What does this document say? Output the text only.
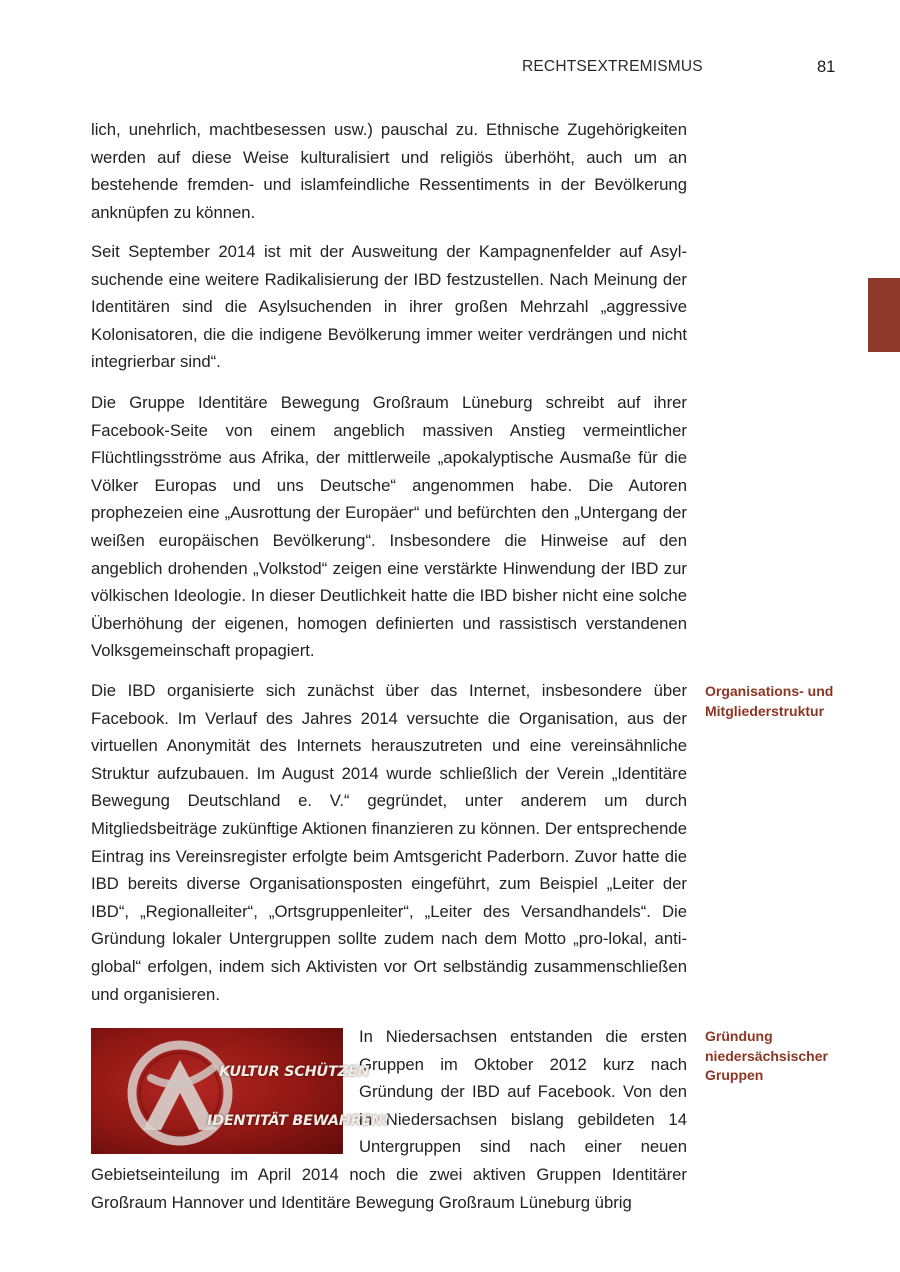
RECHTSEXTREMISMUS	81

lich, unehrlich, machtbesessen usw.) pauschal zu. Ethnische Zugehörigkeiten werden auf diese Weise kulturalisiert und religiös überhöht, auch um an bestehende fremden- und islamfeindliche Ressentiments in der Bevölkerung anknüpfen zu können.

Seit September 2014 ist mit der Ausweitung der Kampagnenfelder auf Asylsuchende eine weitere Radikalisierung der IBD festzustellen. Nach Meinung der Identitären sind die Asylsuchenden in ihrer großen Mehrzahl „aggressive Kolonisatoren, die die indigene Bevölkerung immer weiter verdrängen und nicht integrierbar sind“.

Die Gruppe Identitäre Bewegung Großraum Lüneburg schreibt auf ihrer Facebook-Seite von einem angeblich massiven Anstieg vermeintlicher Flüchtlingsströme aus Afrika, der mittlerweile „apokalyptische Ausmaße für die Völker Europas und uns Deutsche“ angenommen habe. Die Autoren prophezeien eine „Ausrottung der Europäer“ und befürchten den „Untergang der weißen europäischen Bevölkerung“. Insbesondere die Hinweise auf den angeblich drohenden „Volkstod“ zeigen eine verstärkte Hinwendung der IBD zur völkischen Ideologie. In dieser Deutlichkeit hatte die IBD bisher nicht eine solche Überhöhung der eigenen, homogen definierten und rassistisch verstandenen Volksgemeinschaft propagiert.

Die IBD organisierte sich zunächst über das Internet, insbesondere über Facebook. Im Verlauf des Jahres 2014 versuchte die Organisation, aus der virtuellen Anonymität des Internets herauszutreten und eine vereinsähnliche Struktur aufzubauen. Im August 2014 wurde schließlich der Verein „Identitäre Bewegung Deutschland e. V.“ gegründet, unter anderem um durch Mitgliedsbeiträge zukünftige Aktionen finanzieren zu können. Der entsprechende Eintrag ins Vereinsregister erfolgte beim Amtsgericht Paderborn. Zuvor hatte die IBD bereits diverse Organisationsposten eingeführt, zum Beispiel „Leiter der IBD“, „Regionalleiter“, „Ortsgruppenleiter“, „Leiter des Versandhandels“. Die Gründung lokaler Untergruppen sollte zudem nach dem Motto „pro-lokal, anti-global“ erfolgen, indem sich Aktivisten vor Ort selbständig zusammenschließen und organisieren.

Organisations- und Mitgliederstruktur
Gründung niedersächsischer Gruppen
KULTUR SCHÜTZEN
IDENTITÄT BEWAHREN!
In Niedersachsen entstanden die ersten Gruppen im Oktober 2012 kurz nach Gründung der IBD auf Facebook. Von den in Niedersachsen bislang gebildeten 14 Untergruppen sind nach einer neuen Gebietseinteilung im April 2014 noch die zwei aktiven Gruppen Identitärer Großraum Hannover und Identitäre Bewegung Großraum Lüneburg übrig
